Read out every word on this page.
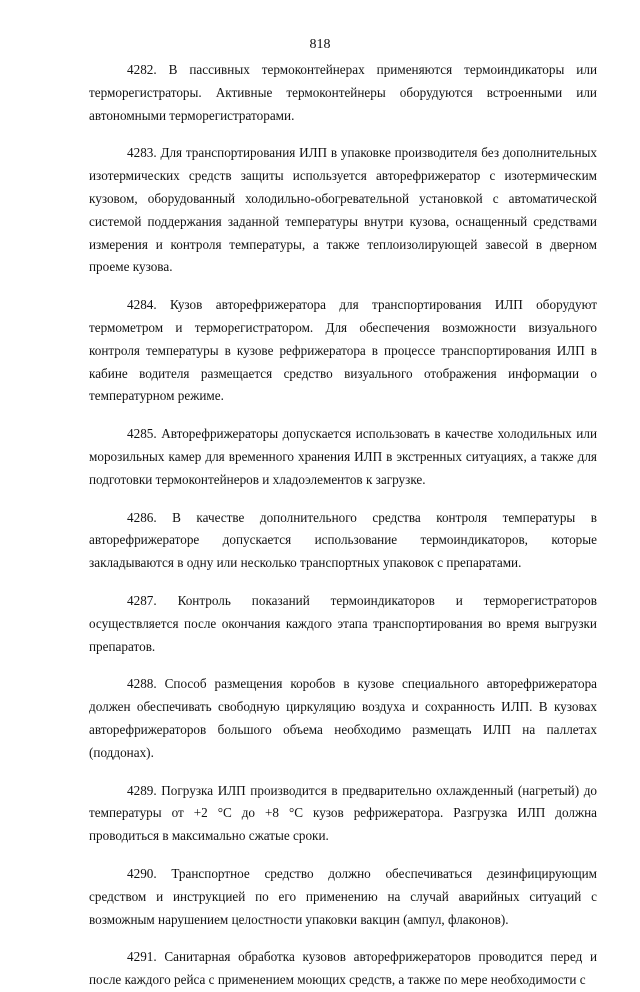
818

4282. В пассивных термоконтейнерах применяются термоиндикаторы или терморегистраторы. Активные термоконтейнеры оборудуются встроенными или автономными терморегистраторами.

4283. Для транспортирования ИЛП в упаковке производителя без дополнительных изотермических средств защиты используется авторефрижератор с изотермическим кузовом, оборудованный холодильно-обогревательной установкой с автоматической системой поддержания заданной температуры внутри кузова, оснащенный средствами измерения и контроля температуры, а также теплоизолирующей завесой в дверном проеме кузова.

4284. Кузов авторефрижератора для транспортирования ИЛП оборудуют термометром и терморегистратором. Для обеспечения возможности визуального контроля температуры в кузове рефрижератора в процессе транспортирования ИЛП в кабине водителя размещается средство визуального отображения информации о температурном режиме.

4285. Авторефрижераторы допускается использовать в качестве холодильных или морозильных камер для временного хранения ИЛП в экстренных ситуациях, а также для подготовки термоконтейнеров и хладоэлементов к загрузке.

4286. В качестве дополнительного средства контроля температуры в авторефрижераторе допускается использование термоиндикаторов, которые закладываются в одну или несколько транспортных упаковок с препаратами.

4287. Контроль показаний термоиндикаторов и терморегистраторов осуществляется после окончания каждого этапа транспортирования во время выгрузки препаратов.

4288. Способ размещения коробов в кузове специального авторефрижератора должен обеспечивать свободную циркуляцию воздуха и сохранность ИЛП. В кузовах авторефрижераторов большого объема необходимо размещать ИЛП на паллетах (поддонах).

4289. Погрузка ИЛП производится в предварительно охлажденный (нагретый) до температуры от +2 °С до +8 °С кузов рефрижератора. Разгрузка ИЛП должна проводиться в максимально сжатые сроки.

4290. Транспортное средство должно обеспечиваться дезинфицирующим средством и инструкцией по его применению на случай аварийных ситуаций с возможным нарушением целостности упаковки вакцин (ампул, флаконов).

4291. Санитарная обработка кузовов авторефрижераторов проводится перед и после каждого рейса с применением моющих средств, а также по мере необходимости с
